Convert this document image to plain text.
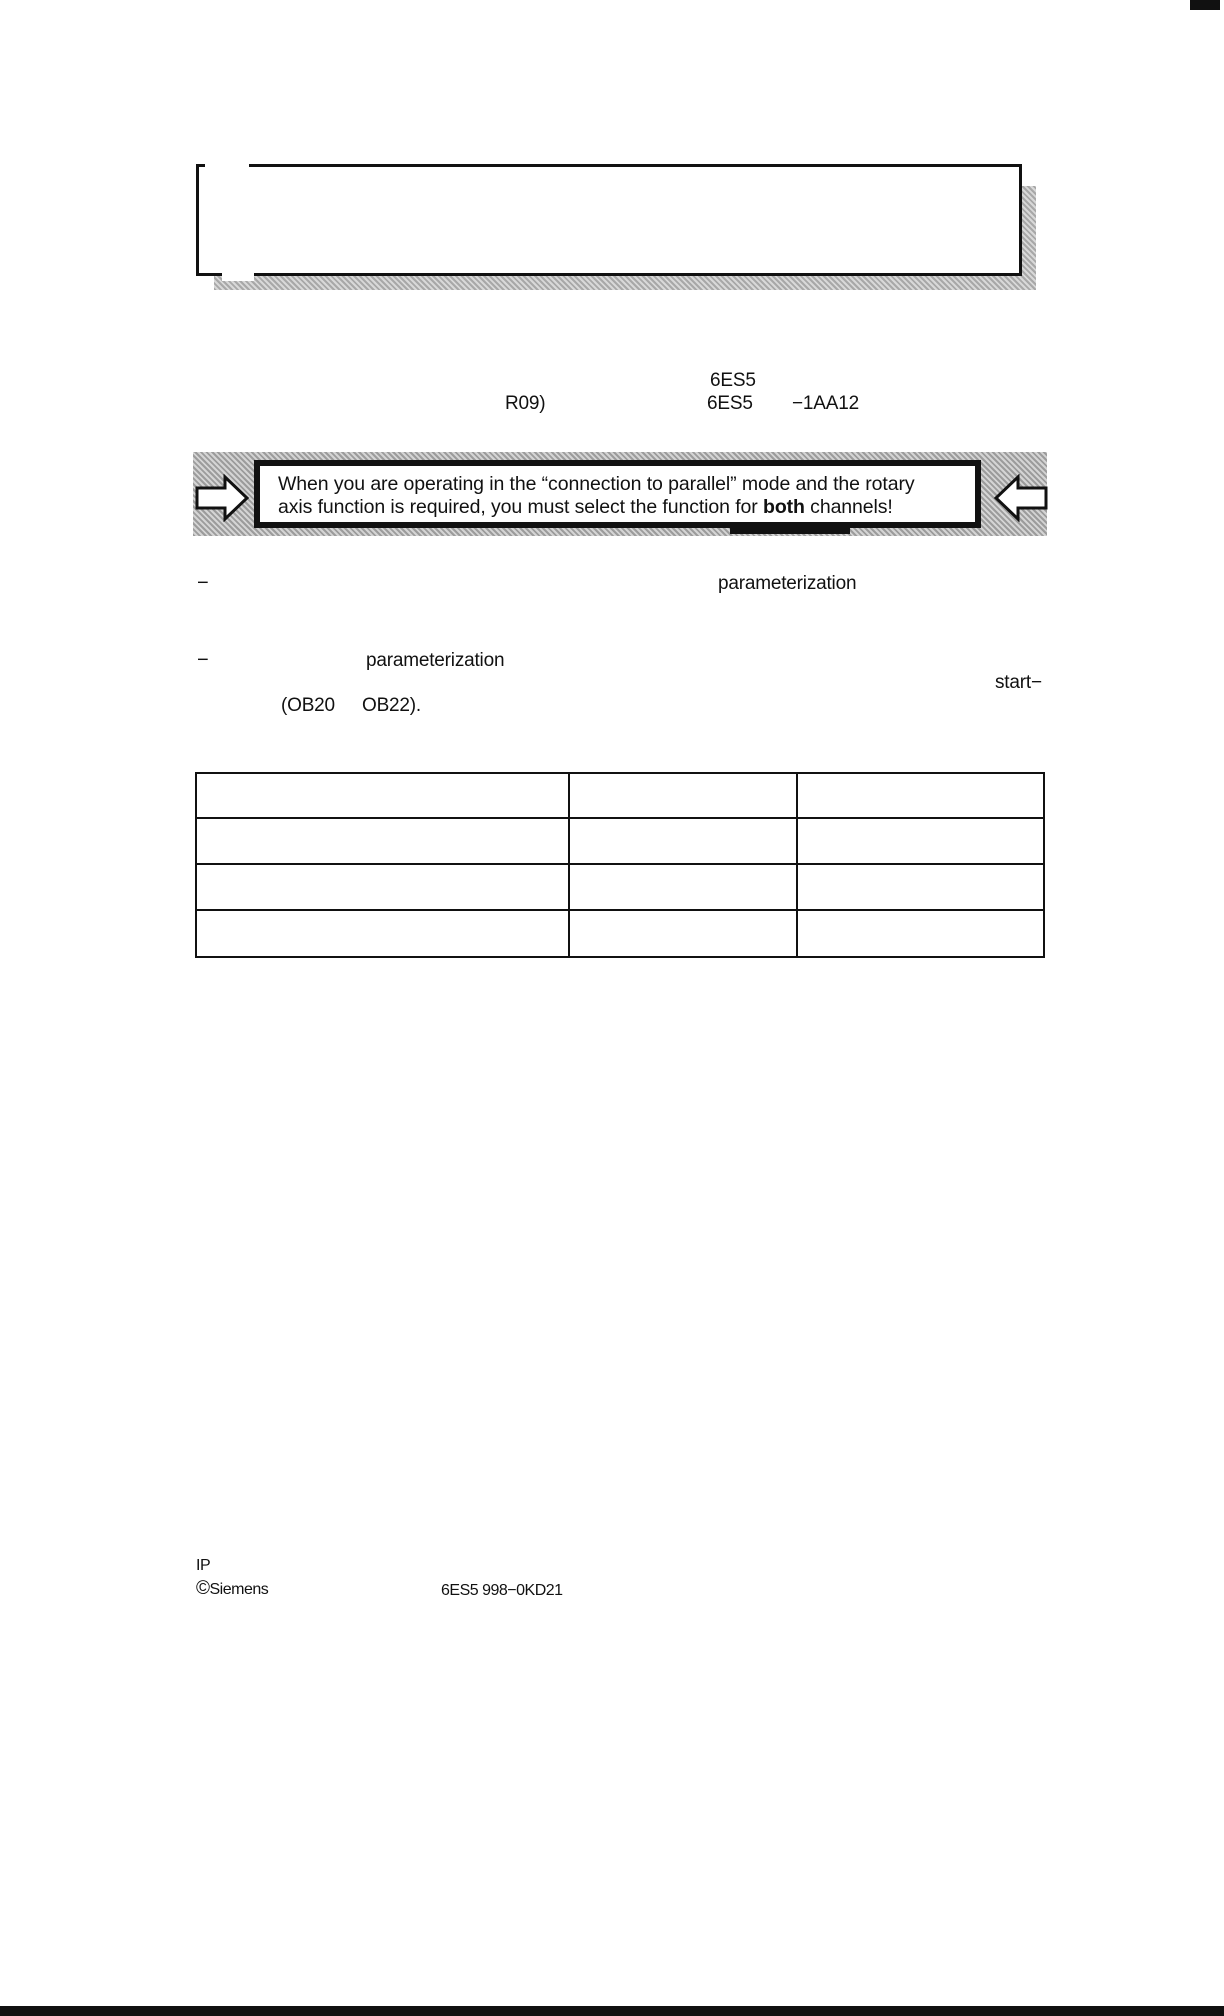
6ES5
R09)	6ES5 −1AA12
When you are operating in the “connection to parallel” mode and the rotary
axis function is required, you must select the function for both channels!
−	parameterization
−	parameterization
start−
(OB20 OB22).

IP
©Siemens	6ES5 998−0KD21
